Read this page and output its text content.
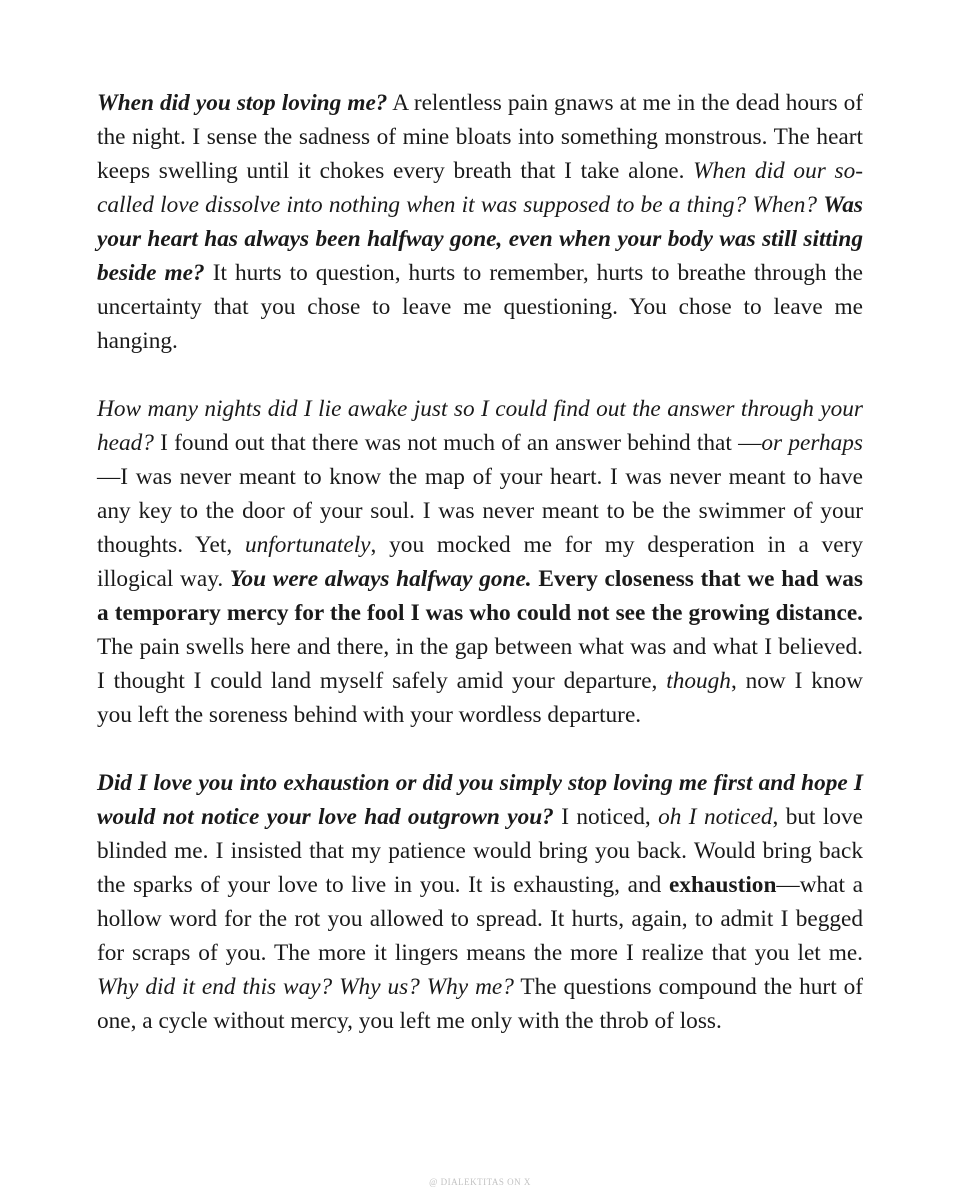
When did you stop loving me? A relentless pain gnaws at me in the dead hours of the night. I sense the sadness of mine bloats into something monstrous. The heart keeps swelling until it chokes every breath that I take alone. When did our so-called love dissolve into nothing when it was supposed to be a thing? When? Was your heart has always been halfway gone, even when your body was still sitting beside me? It hurts to question, hurts to remember, hurts to breathe through the uncertainty that you chose to leave me questioning. You chose to leave me hanging.

How many nights did I lie awake just so I could find out the answer through your head? I found out that there was not much of an answer behind that —or perhaps—I was never meant to know the map of your heart. I was never meant to have any key to the door of your soul. I was never meant to be the swimmer of your thoughts. Yet, unfortunately, you mocked me for my desperation in a very illogical way. You were always halfway gone. Every closeness that we had was a temporary mercy for the fool I was who could not see the growing distance. The pain swells here and there, in the gap between what was and what I believed. I thought I could land myself safely amid your departure, though, now I know you left the soreness behind with your wordless departure.

Did I love you into exhaustion or did you simply stop loving me first and hope I would not notice your love had outgrown you? I noticed, oh I noticed, but love blinded me. I insisted that my patience would bring you back. Would bring back the sparks of your love to live in you. It is exhausting, and exhaustion—what a hollow word for the rot you allowed to spread. It hurts, again, to admit I begged for scraps of you. The more it lingers means the more I realize that you let me. Why did it end this way? Why us? Why me? The questions compound the hurt of one, a cycle without mercy, you left me only with the throb of loss.

@ DIALEKTITAS ON X
